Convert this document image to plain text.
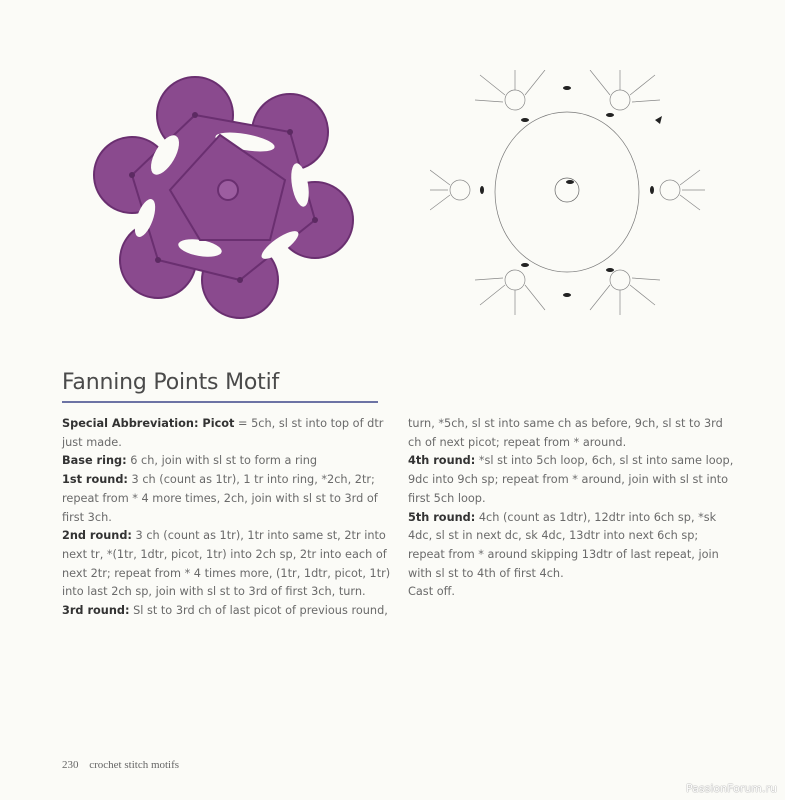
Fanning Points Motif

Special Abbreviation: Picot = 5ch, sl st into top of dtr just made.

Base ring: 6 ch, join with sl st to form a ring

1st round: 3 ch (count as 1tr), 1 tr into ring, *2ch, 2tr; repeat from * 4 more times, 2ch, join with sl st to 3rd of first 3ch.

2nd round: 3 ch (count as 1tr), 1tr into same st, 2tr into next tr, *(1tr, 1dtr, picot, 1tr) into 2ch sp, 2tr into each of next 2tr; repeat from * 4 times more, (1tr, 1dtr, picot, 1tr) into last 2ch sp, join with sl st to 3rd of first 3ch, turn.

3rd round: Sl st to 3rd ch of last picot of previous round,

turn, *5ch, sl st into same ch as before, 9ch, sl st to 3rd ch of next picot; repeat from * around.

4th round: *sl st into 5ch loop, 6ch, sl st into same loop, 9dc into 9ch sp; repeat from * around, join with sl st into first 5ch loop.

5th round: 4ch (count as 1dtr), 12dtr into 6ch sp, *sk 4dc, sl st in next dc, sk 4dc, 13dtr into next 6ch sp; repeat from * around skipping 13dtr of last repeat, join with sl st to 4th of first 4ch.

Cast off.

230 crochet stitch motifs
PassionForum.ru
